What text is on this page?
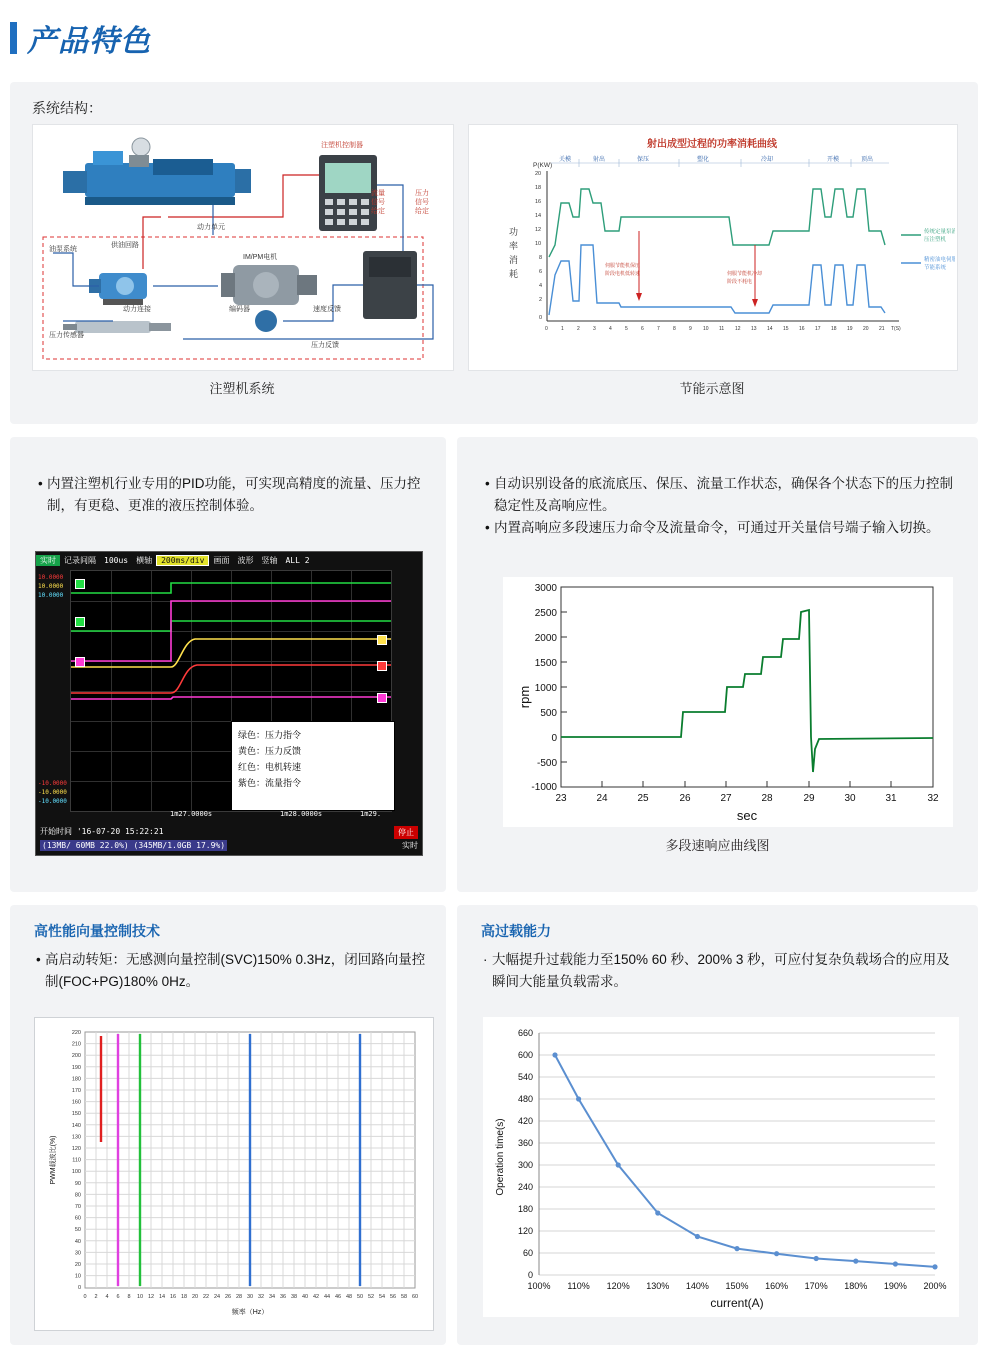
产品特色
系统结构：
注塑机控制器
IM/PM电机
编码器
动力单元
供油回路
动力连接
油泵系统
压力传感器
速度反馈
压力反馈
流量
信号
给定
压力
信号
给定
射出成型过程的功率消耗曲线
P(KW)
功
率
消
耗
关模	射出	保压	塑化	冷却	开模	顶出
20
18
16
14
12
10
8
6
4
2
0
0	1	2	3	4	5	6	7	8	9 10 11 12 13 14 15 16 17 18 19 20 21 T(S)
伺服节能机保压
阶段电机低转速	伺服节能机冷却
阶段不耗电
传统定量泵液
压注塑机
精密油电伺服
节能系统
注塑机系统	节能示意图
• 内置注塑机行业专用的PID功能，可实现高精度的流量、压力控制，有更稳、更准的液压控制体验。
实时	记录间隔	100us	横轴	200ms/div	画面	波形	竖轴	ALL 2
10.0000
10.0000
10.0000
-10.0000
-10.0000
-10.0000
绿色：压力指令
黄色：压力反馈
红色：电机转速
紫色：流量指令
1m27.0000s	1m28.0000s	1m29.
开始时间 '16-07-20 15:22:21
(13MB/ 60MB 22.0%) (345MB/1.0GB 17.9%)
停止
实时
• 自动识别设备的底流底压、保压、流量工作状态，确保各个状态下的压力控制稳定性及高响应性。
• 内置高响应多段速压力命令及流量命令，可通过开关量信号端子输入切换。
3000
2500
2000
1500
1000
500
0
-500
-1000
23	24	25	26	27	28	29	30	31	32
rpm
sec
多段速响应曲线图
高性能向量控制技术
• 高启动转矩：无感测向量控制(SVC)150% 0.3Hz，闭回路向量控制(FOC+PG)180% 0Hz。
220
210
200
190
180
170
160
150
140
130
120
110
100
90
80
70
60
50
40
30
20
10
0
0 2 4 6 8 10 12 14 16 18 20 22 24 26 28 30 32 34 36 38 40 42 44 46 48 50 52 54 56 58 60
频率（Hz）
PWM载波比(%)
高过载能力
· 大幅提升过载能力至150% 60 秒、200% 3 秒，可应付复杂负载场合的应用及瞬间大能量负载需求。
660
600
540
480
420
360
300
240
180
120
60
0
100% 110% 120% 130% 140% 150% 160% 170% 180% 190% 200%
current(A)
Operation time(s)
